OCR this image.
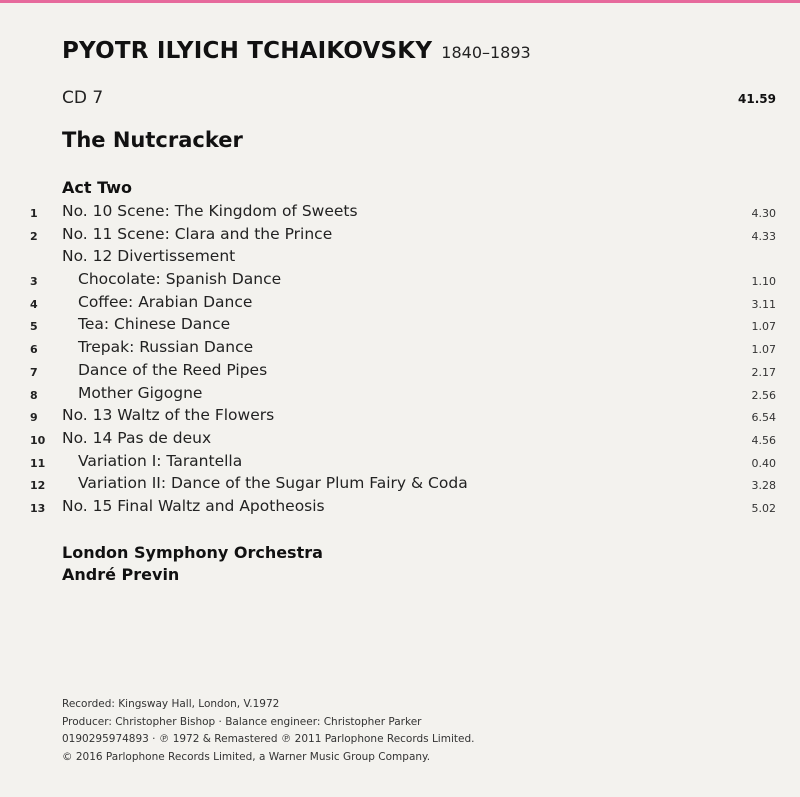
PYOTR ILYICH TCHAIKOVSKY 1840–1893
CD 7	41.59
The Nutcracker
Act Two
1 No. 10 Scene: The Kingdom of Sweets	4.30
2 No. 11 Scene: Clara and the Prince	4.33
No. 12 Divertissement
3	Chocolate: Spanish Dance	1.10
4	Coffee: Arabian Dance	3.11
5	Tea: Chinese Dance	1.07
6	Trepak: Russian Dance	1.07
7	Dance of the Reed Pipes	2.17
8	Mother Gigogne	2.56
9 No. 13 Waltz of the Flowers	6.54
10 No. 14 Pas de deux	4.56
11 Variation I: Tarantella	0.40
12 Variation II: Dance of the Sugar Plum Fairy & Coda	3.28
13 No. 15 Final Waltz and Apotheosis	5.02
London Symphony Orchestra
André Previn
Recorded: Kingsway Hall, London, V.1972
Producer: Christopher Bishop · Balance engineer: Christopher Parker
0190295974893 · ℗ 1972 & Remastered ℗ 2011 Parlophone Records Limited.
© 2016 Parlophone Records Limited, a Warner Music Group Company.
